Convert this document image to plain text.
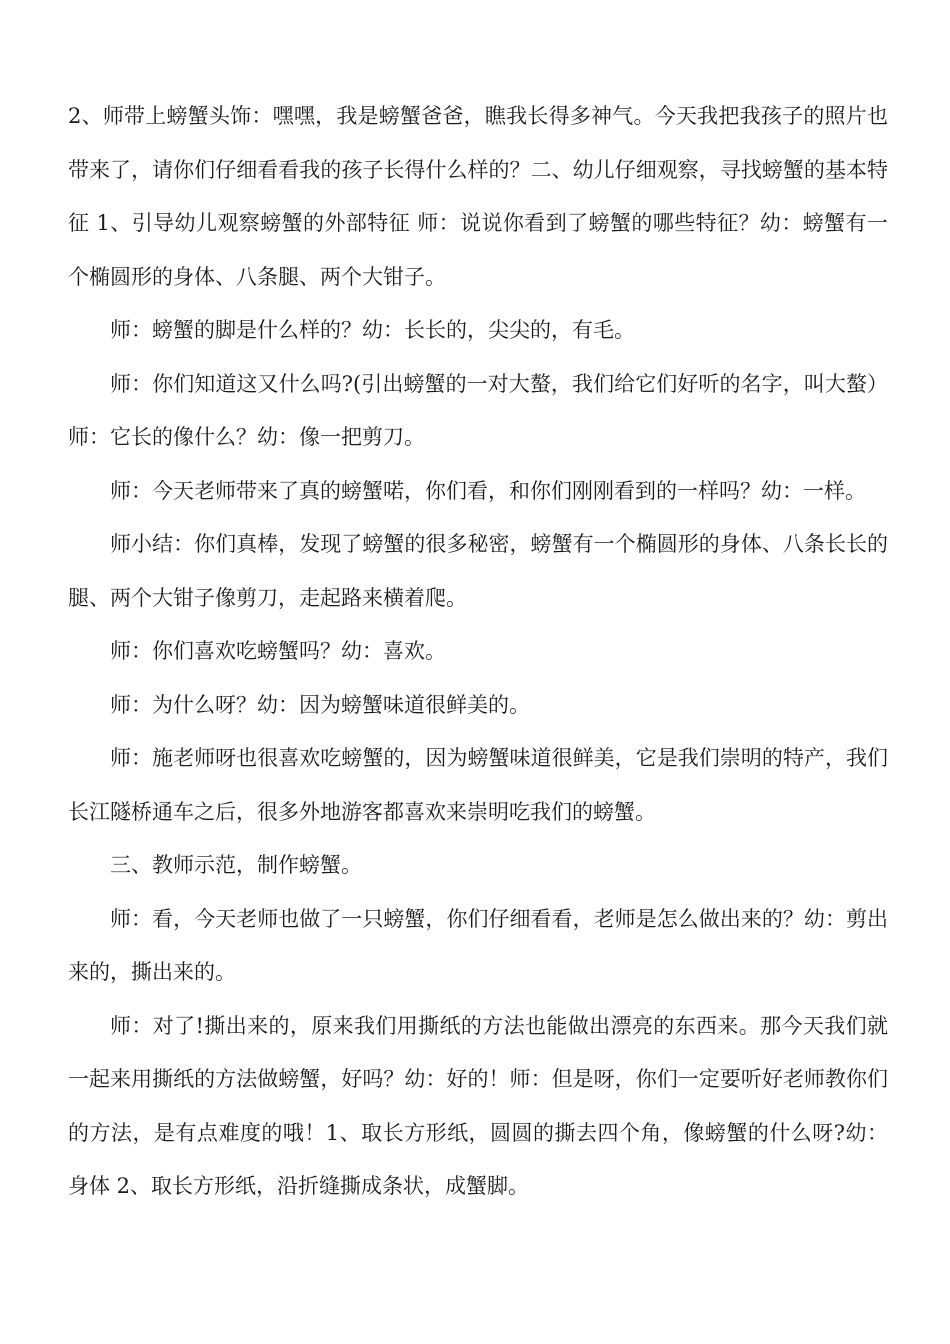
2、师带上螃蟹头饰：嘿嘿，我是螃蟹爸爸，瞧我长得多神气。今天我把我孩子的照片也带来了，请你们仔细看看我的孩子长得什么样的？二、幼儿仔细观察，寻找螃蟹的基本特征 1、引导幼儿观察螃蟹的外部特征 师：说说你看到了螃蟹的哪些特征？幼：螃蟹有一个椭圆形的身体、八条腿、两个大钳子。

师：螃蟹的脚是什么样的？幼：长长的，尖尖的，有毛。

师：你们知道这又什么吗?(引出螃蟹的一对大螯，我们给它们好听的名字，叫大螯）师：它长的像什么？幼：像一把剪刀。

师：今天老师带来了真的螃蟹喏，你们看，和你们刚刚看到的一样吗？幼：一样。

师小结：你们真棒，发现了螃蟹的很多秘密，螃蟹有一个椭圆形的身体、八条长长的腿、两个大钳子像剪刀，走起路来横着爬。

师：你们喜欢吃螃蟹吗？幼：喜欢。

师：为什么呀？幼：因为螃蟹味道很鲜美的。

师：施老师呀也很喜欢吃螃蟹的，因为螃蟹味道很鲜美，它是我们崇明的特产，我们长江隧桥通车之后，很多外地游客都喜欢来崇明吃我们的螃蟹。

三、教师示范，制作螃蟹。

师：看，今天老师也做了一只螃蟹，你们仔细看看，老师是怎么做出来的？幼：剪出来的，撕出来的。

师：对了!撕出来的，原来我们用撕纸的方法也能做出漂亮的东西来。那今天我们就一起来用撕纸的方法做螃蟹，好吗？幼：好的！师：但是呀，你们一定要听好老师教你们的方法，是有点难度的哦！1、取长方形纸，圆圆的撕去四个角，像螃蟹的什么呀?幼：身体 2、取长方形纸，沿折缝撕成条状，成蟹脚。
